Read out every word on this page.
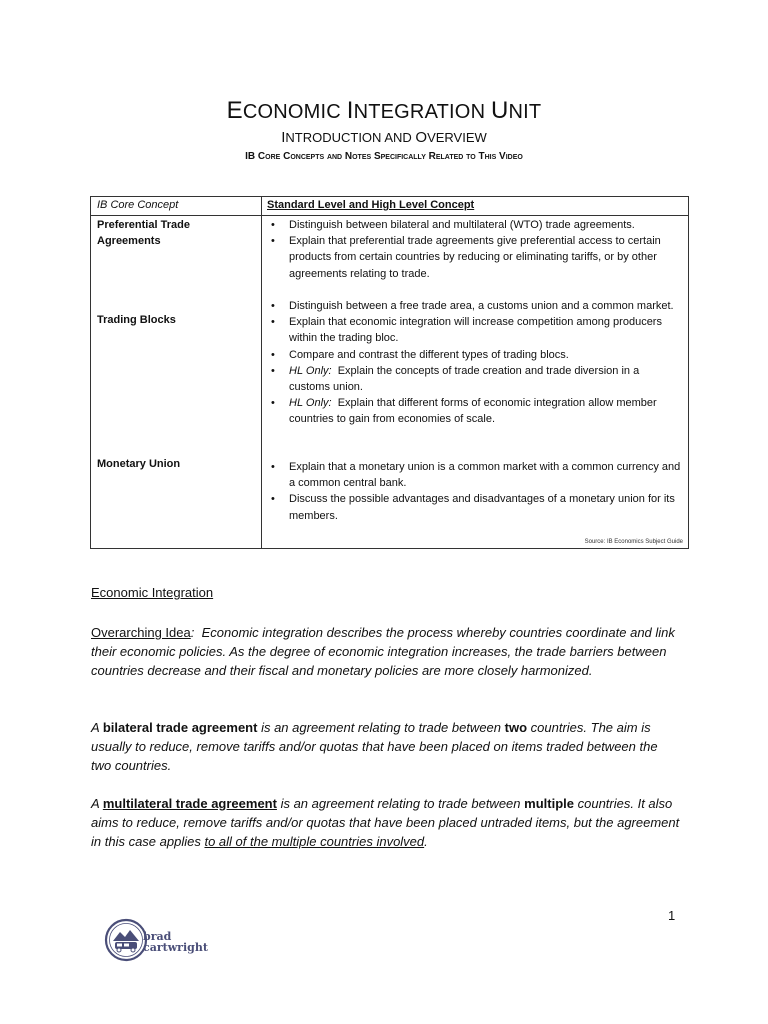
ECONOMIC INTEGRATION UNIT
INTRODUCTION AND OVERVIEW
IB Core Concepts and Notes Specifically Related to This Video
IB Core Concept	Standard Level and High Level Concept
Preferential Trade Agreements
• Distinguish between bilateral and multilateral (WTO) trade agreements.
• Explain that preferential trade agreements give preferential access to certain products from certain countries by reducing or eliminating tariffs, or by other agreements relating to trade.
Trading Blocks
• Distinguish between a free trade area, a customs union and a common market.
• Explain that economic integration will increase competition among producers within the trading bloc.
• Compare and contrast the different types of trading blocs.
• HL Only: Explain the concepts of trade creation and trade diversion in a customs union.
• HL Only: Explain that different forms of economic integration allow member countries to gain from economies of scale.
Monetary Union	• Explain that a monetary union is a common market with a common currency and a common central bank.
• Discuss the possible advantages and disadvantages of a monetary union for its members.
Source: IB Economics Subject Guide
Economic Integration
Overarching Idea: Economic integration describes the process whereby countries coordinate and link their economic policies. As the degree of economic integration increases, the trade barriers between countries decrease and their fiscal and monetary policies are more closely harmonized.
A bilateral trade agreement is an agreement relating to trade between two countries. The aim is usually to reduce, remove tariffs and/or quotas that have been placed on items traded between the two countries.
A multilateral trade agreement is an agreement relating to trade between multiple countries. It also aims to reduce, remove tariffs and/or quotas that have been placed untraded items, but the agreement in this case applies to all of the multiple countries involved.
1
brad
cartwright
